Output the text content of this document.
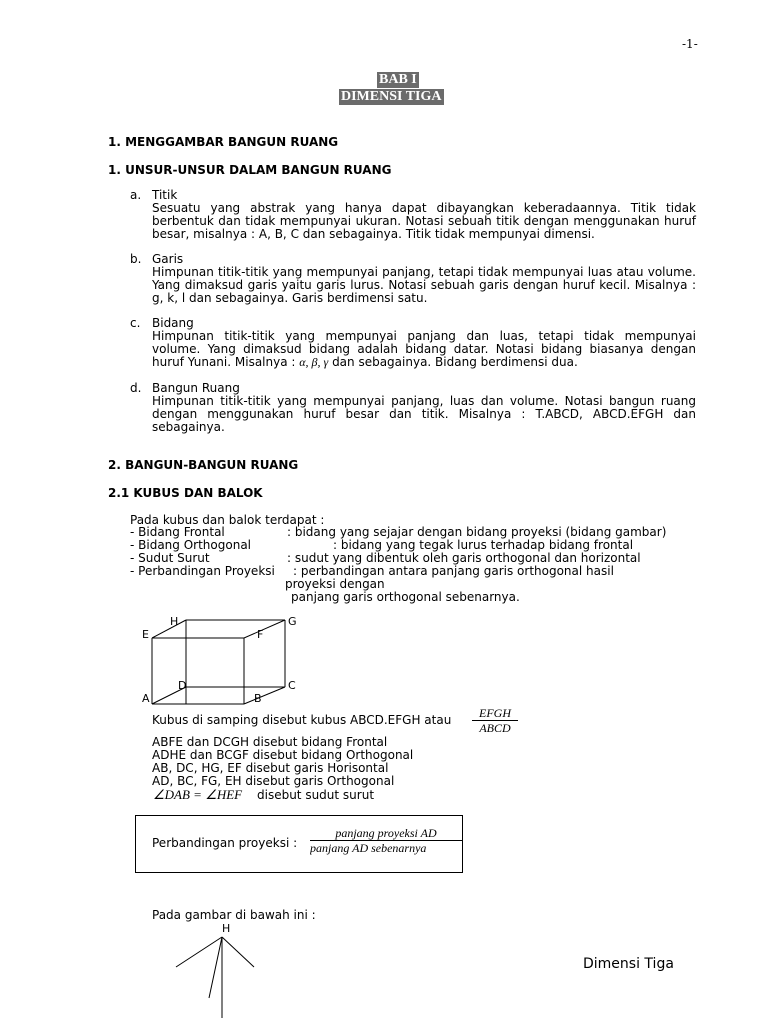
-1-
BAB I
DIMENSI TIGA
1. MENGGAMBAR BANGUN RUANG
1. UNSUR-UNSUR DALAM BANGUN RUANG
a. Titik

Sesuatu yang abstrak yang hanya dapat dibayangkan keberadaannya. Titik tidak berbentuk dan tidak mempunyai ukuran. Notasi sebuah titik dengan menggunakan huruf besar, misalnya : A, B, C dan sebagainya. Titik tidak mempunyai dimensi.

b. Garis

Himpunan titik-titik yang mempunyai panjang, tetapi tidak mempunyai luas atau volume. Yang dimaksud garis yaitu garis lurus. Notasi sebuah garis dengan huruf kecil. Misalnya : g, k, l dan sebagainya. Garis berdimensi satu.

c. Bidang

Himpunan titik-titik yang mempunyai panjang dan luas, tetapi tidak mempunyai

volume. Yang dimaksud bidang adalah bidang datar. Notasi bidang biasanya dengan

huruf Yunani. Misalnya : α, β, γ dan sebagainya. Bidang berdimensi dua.
d. Bangun Ruang

Himpunan titik-titik yang mempunyai panjang, luas dan volume. Notasi bangun ruang dengan menggunakan huruf besar dan titik. Misalnya : T.ABCD, ABCD.EFGH dan sebagainya.

2. BANGUN-BANGUN RUANG
2.1 KUBUS DAN BALOK
Pada kubus dan balok terdapat :
- Bidang Frontal	: bidang yang sejajar dengan bidang proyeksi (bidang gambar)
- Bidang Orthogonal	: bidang yang tegak lurus terhadap bidang frontal
- Sudut Surut	: sudut yang dibentuk oleh garis orthogonal dan horizontal
- Perbandingan Proyeksi : perbandingan antara panjang garis orthogonal hasil
proyeksi dengan
panjang garis orthogonal sebenarnya.
H	G
E	F
D	C
A	B
Kubus di samping disebut kubus ABCD.EFGH atau	EFGH
ABCD
ABFE dan DCGH disebut bidang Frontal
ADHE dan BCGF disebut bidang Orthogonal
AB, DC, HG, EF disebut garis Horisontal
AD, BC, FG, EH disebut garis Orthogonal
∠DAB = ∠HEF disebut sudut surut
Perbandingan proyeksi :
panjang proyeksi AD
panjang AD sebenarnya
Pada gambar di bawah ini :
H
Dimensi Tiga
